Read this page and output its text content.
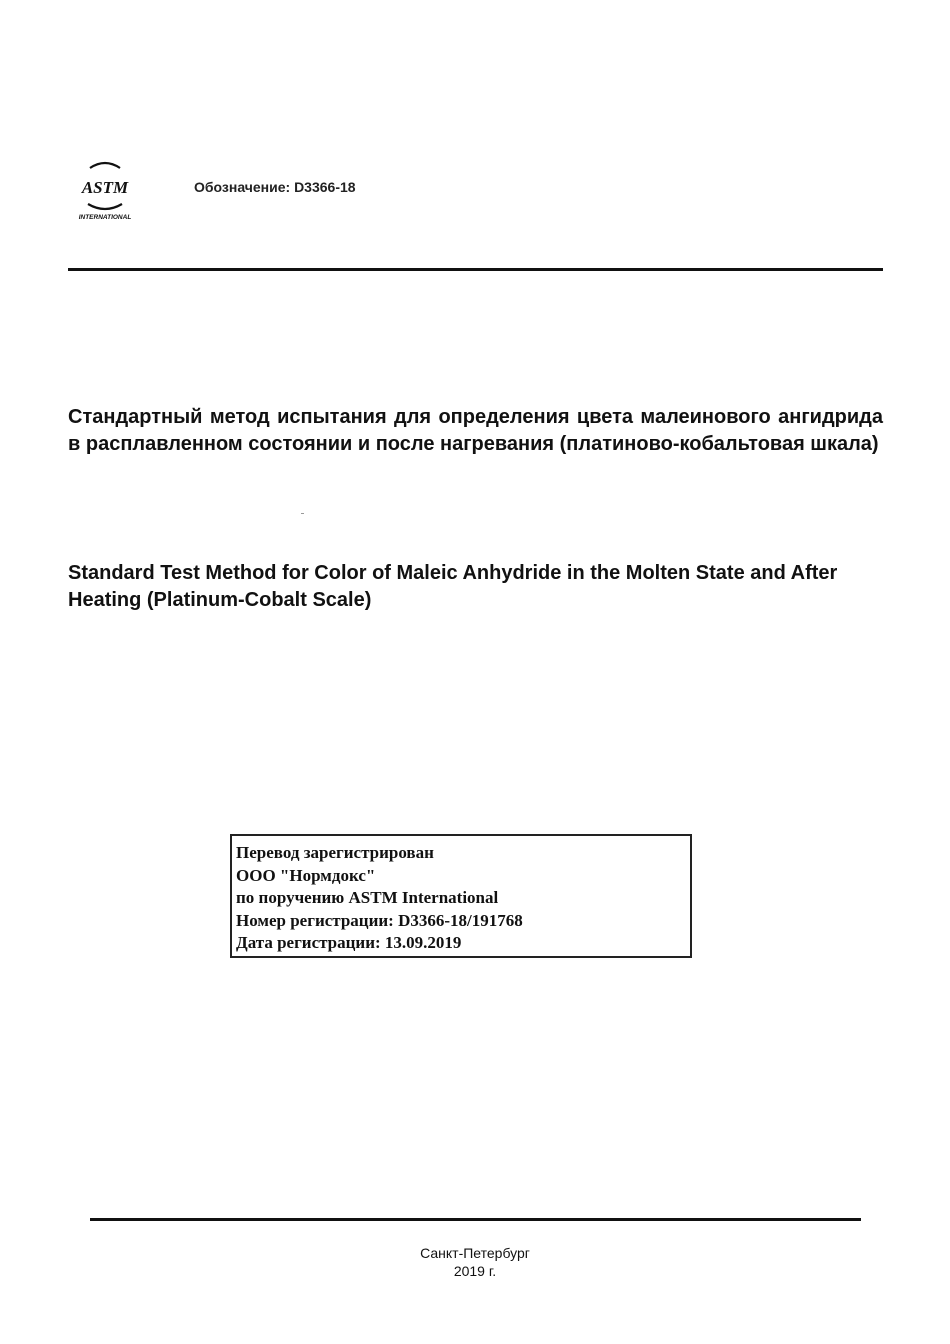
ASTM
INTERNATIONAL
Обозначение: D3366-18
Стандартный метод испытания для определения цвета малеинового ангидрида в расплавленном состоянии и после нагревания (платиново-кобальтовая шкала)
Standard Test Method for Color of Maleic Anhydride in the Molten State and After Heating (Platinum-Cobalt Scale)
Перевод зарегистрирован
ООО "Нормдокс"
по поручению ASTM International
Номер регистрации: D3366-18/191768
Дата регистрации: 13.09.2019
Санкт-Петербург
2019 г.
